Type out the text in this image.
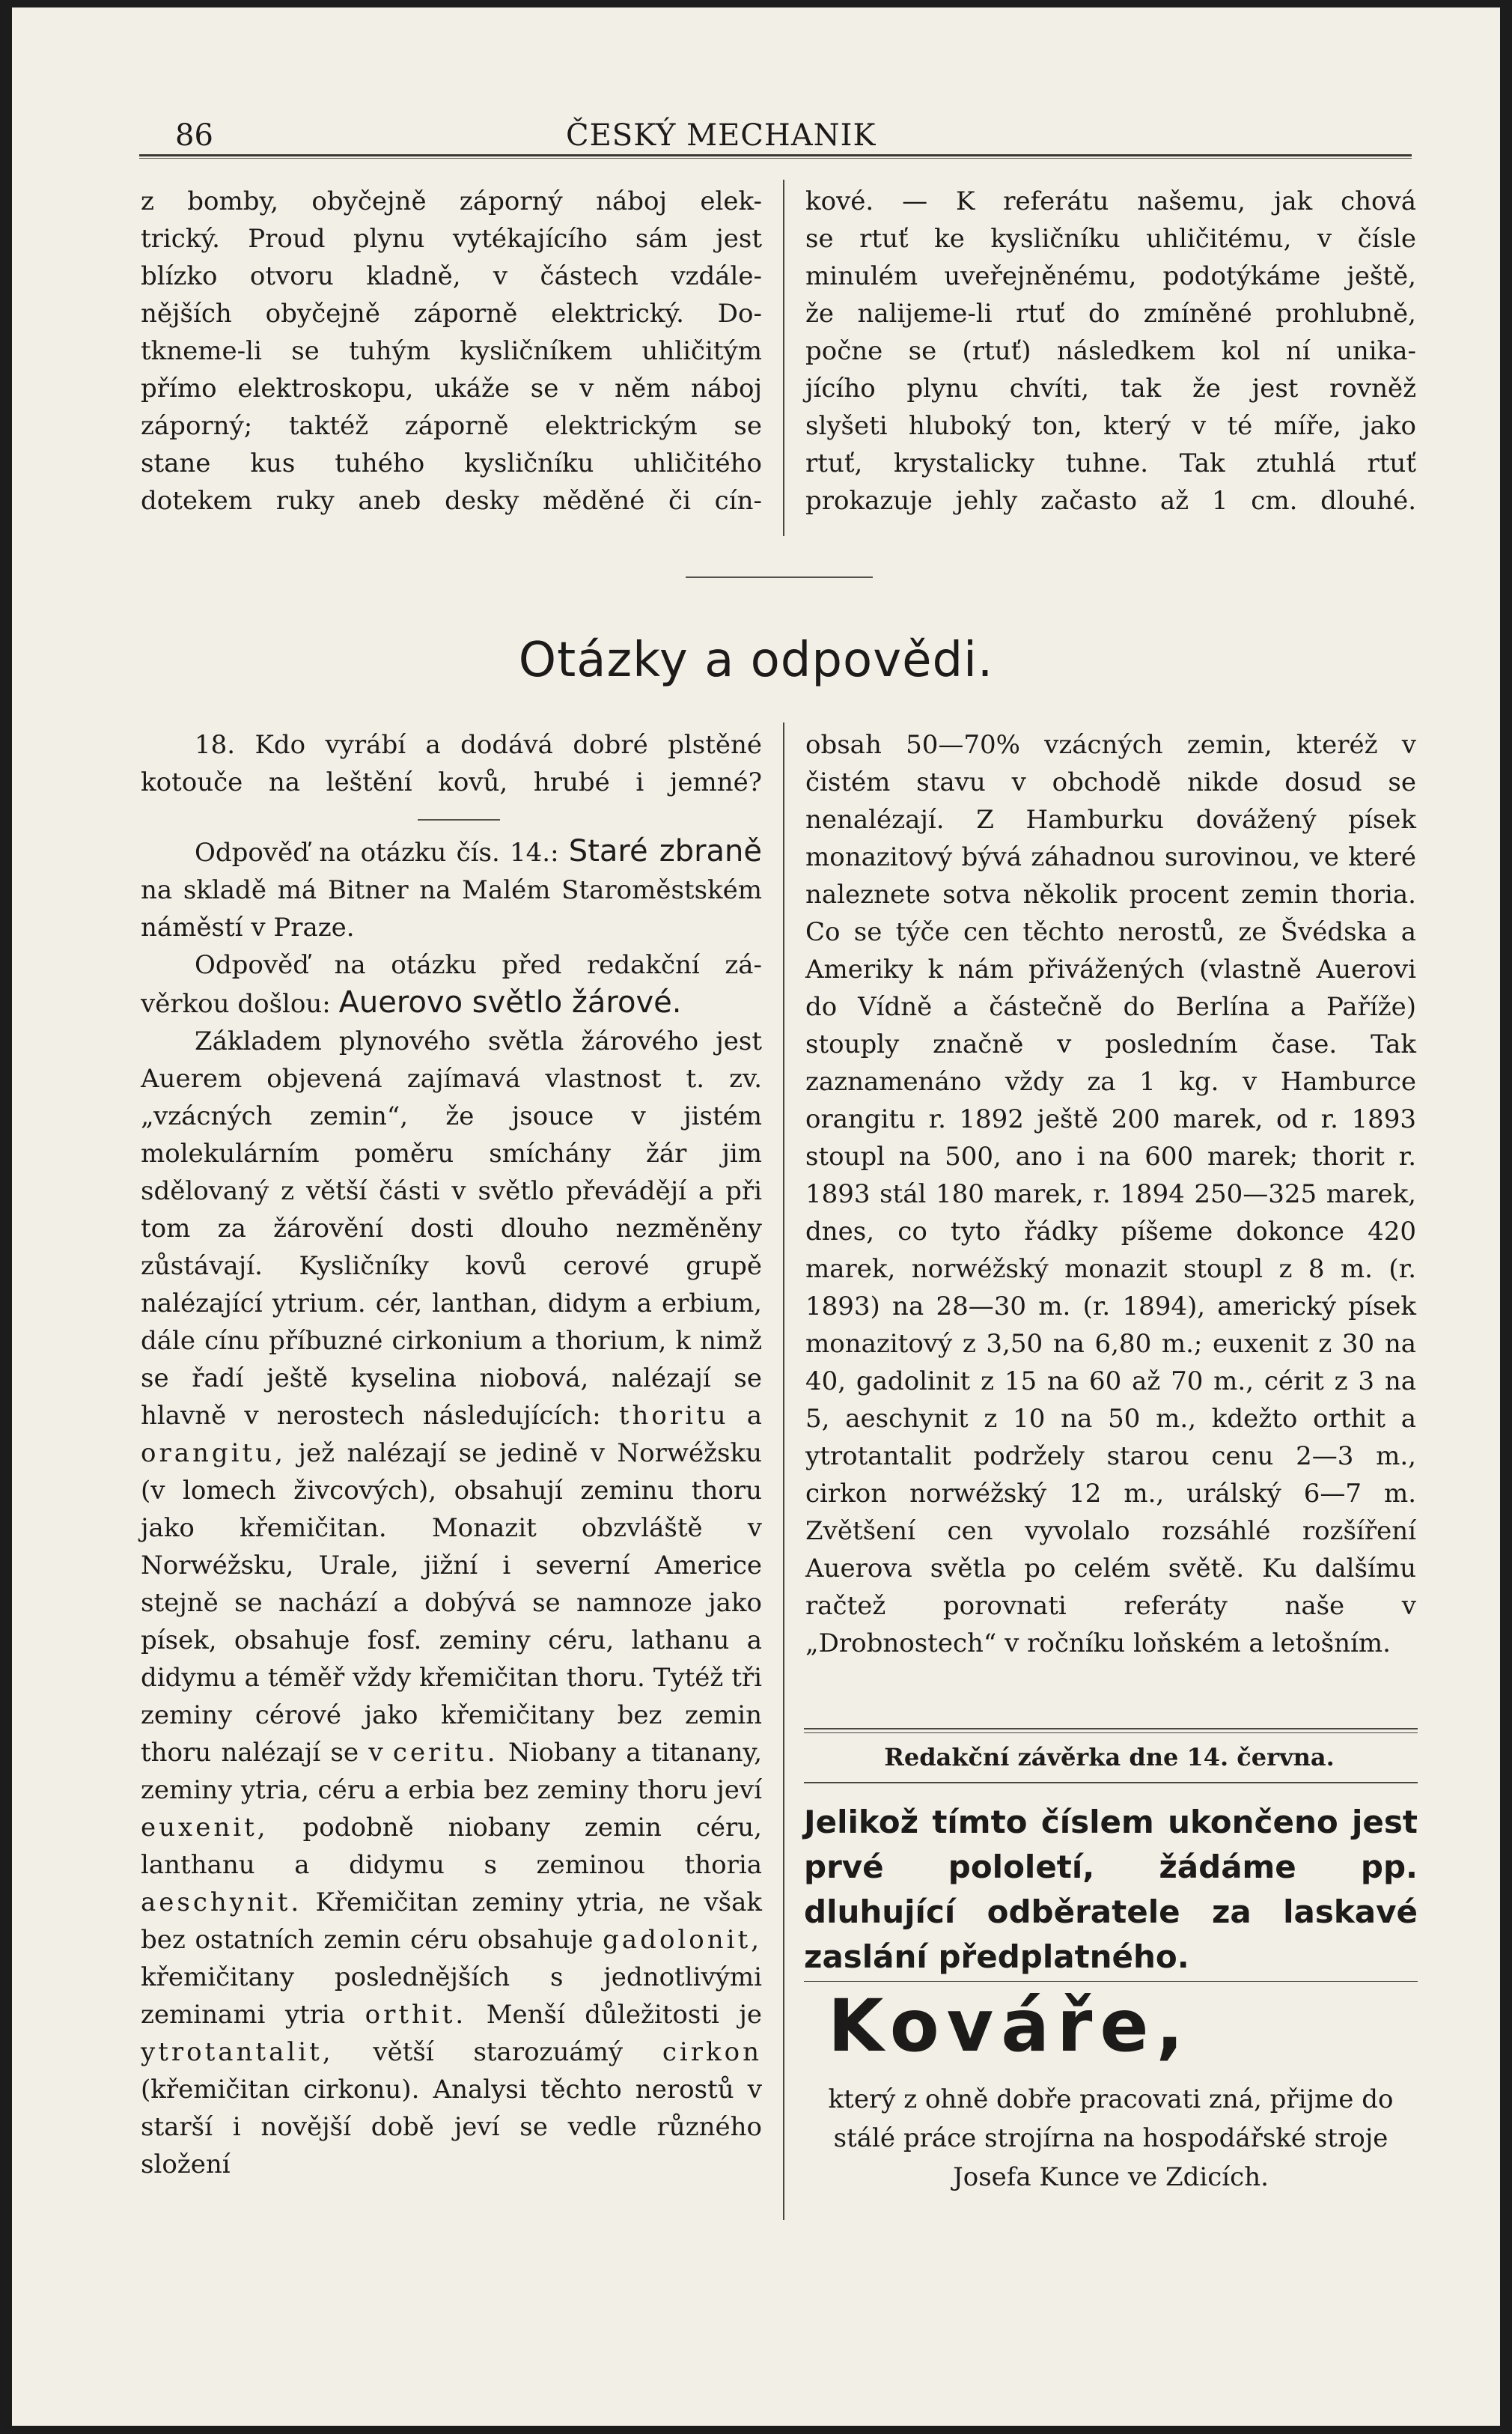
86	ČESKÝ MECHANIK

z bomby, obyčejně záporný náboj elek-

trický. Proud plynu vytékajícího sám jest

blízko otvoru kladně, v částech vzdále-

nějších obyčejně záporně elektrický. Do-

tkneme-li se tuhým kysličníkem uhličitým

přímo elektroskopu, ukáže se v něm náboj

záporný; taktéž záporně elektrickým se

stane kus tuhého kysličníku uhličitého

dotekem ruky aneb desky měděné či cín-

kové. — K referátu našemu, jak chová

se rtuť ke kysličníku uhličitému, v čísle

minulém uveřejněnému, podotýkáme ještě,

že nalijeme-li rtuť do zmíněné prohlubně,

počne se (rtuť) následkem kol ní unika-

jícího plynu chvíti, tak že jest rovněž

slyšeti hluboký ton, který v té míře, jako

rtuť, krystalicky tuhne. Tak ztuhlá rtuť

prokazuje jehly začasto až 1 cm. dlouhé.

Otázky a odpovědi.

18. Kdo vyrábí a dodává dobré plstěné

kotouče na leštění kovů, hrubé i jemné?

Odpověď na otázku čís. 14.: Staré zbraně na skladě má Bitner na Malém Staroměstském náměstí v Praze.

Odpověď na otázku před redakční zá-věrkou došlou: Auerovo světlo žárové.

Základem plynového světla žárového jest Auerem objevená zajímavá vlastnost t. zv. „vzácných zemin“, že jsouce v jistém molekulárním poměru smíchány žár jim sdělovaný z větší části v světlo převádějí a při tom za žárovění dosti dlouho nezměněny zůstávají. Kysličníky kovů cerové grupě nalézající ytrium. cér, lanthan, didym a erbium, dále cínu příbuzné cirkonium a thorium, k nimž se řadí ještě kyselina niobová, nalézají se hlavně v nerostech následujících: thoritu a orangitu, jež nalézají se jedině v Norwéžsku (v lomech živcových), obsahují zeminu thoru jako křemičitan. Monazit obzvláště v Norwéžsku, Urale, jižní i severní Americe stejně se nachází a dobývá se namnoze jako písek, obsahuje fosf. zeminy céru, lathanu a didymu a téměř vždy křemičitan thoru. Tytéž tři zeminy cérové jako křemičitany bez zemin thoru nalézají se v ceritu. Niobany a titanany, zeminy ytria, céru a erbia bez zeminy thoru jeví euxenit, podobně niobany zemin céru, lanthanu a didymu s zeminou thoria aeschynit. Křemičitan zeminy ytria, ne však bez ostatních zemin céru obsahuje gadolonit, křemičitany poslednějších s jednotlivými zeminami ytria orthit. Menší důležitosti je ytrotantalit, větší starozuámý cirkon (křemičitan cirkonu). Analysi těchto nerostů v starší i novější době jeví se vedle různého složení

obsah 50—70% vzácných zemin, kteréž v čistém stavu v obchodě nikde dosud se nenalézají. Z Hamburku dovážený písek monazitový bývá záhadnou surovinou, ve které naleznete sotva několik procent zemin thoria. Co se týče cen těchto nerostů, ze Švédska a Ameriky k nám přivážených (vlastně Auerovi do Vídně a částečně do Berlína a Paříže) stouply značně v posledním čase. Tak zaznamenáno vždy za 1 kg. v Hamburce orangitu r. 1892 ještě 200 marek, od r. 1893 stoupl na 500, ano i na 600 marek; thorit r. 1893 stál 180 marek, r. 1894 250—325 marek, dnes, co tyto řádky píšeme dokonce 420 marek, norwéžský monazit stoupl z 8 m. (r. 1893) na 28—30 m. (r. 1894), americký písek monazitový z 3,50 na 6,80 m.; euxenit z 30 na 40, gadolinit z 15 na 60 až 70 m., cérit z 3 na 5, aeschynit z 10 na 50 m., kdežto orthit a ytrotantalit podržely starou cenu 2—3 m., cirkon norwéžský 12 m., urálský 6—7 m. Zvětšení cen vyvolalo rozsáhlé rozšíření Auerova světla po celém světě. Ku dalšímu račtež porovnati referáty naše v „Drobnostech“ v ročníku loňském a letošním.

Redakční závěrka dne 14. června.
Jelikož tímto číslem ukončeno jest prvé pololetí, žádáme pp. dluhující odběratele za laskavé zaslání předplatného.
Kováře,
který z ohně dobře pracovati zná, přijme do stálé práce strojírna na hospodářské stroje Josefa Kunce ve Zdicích.
